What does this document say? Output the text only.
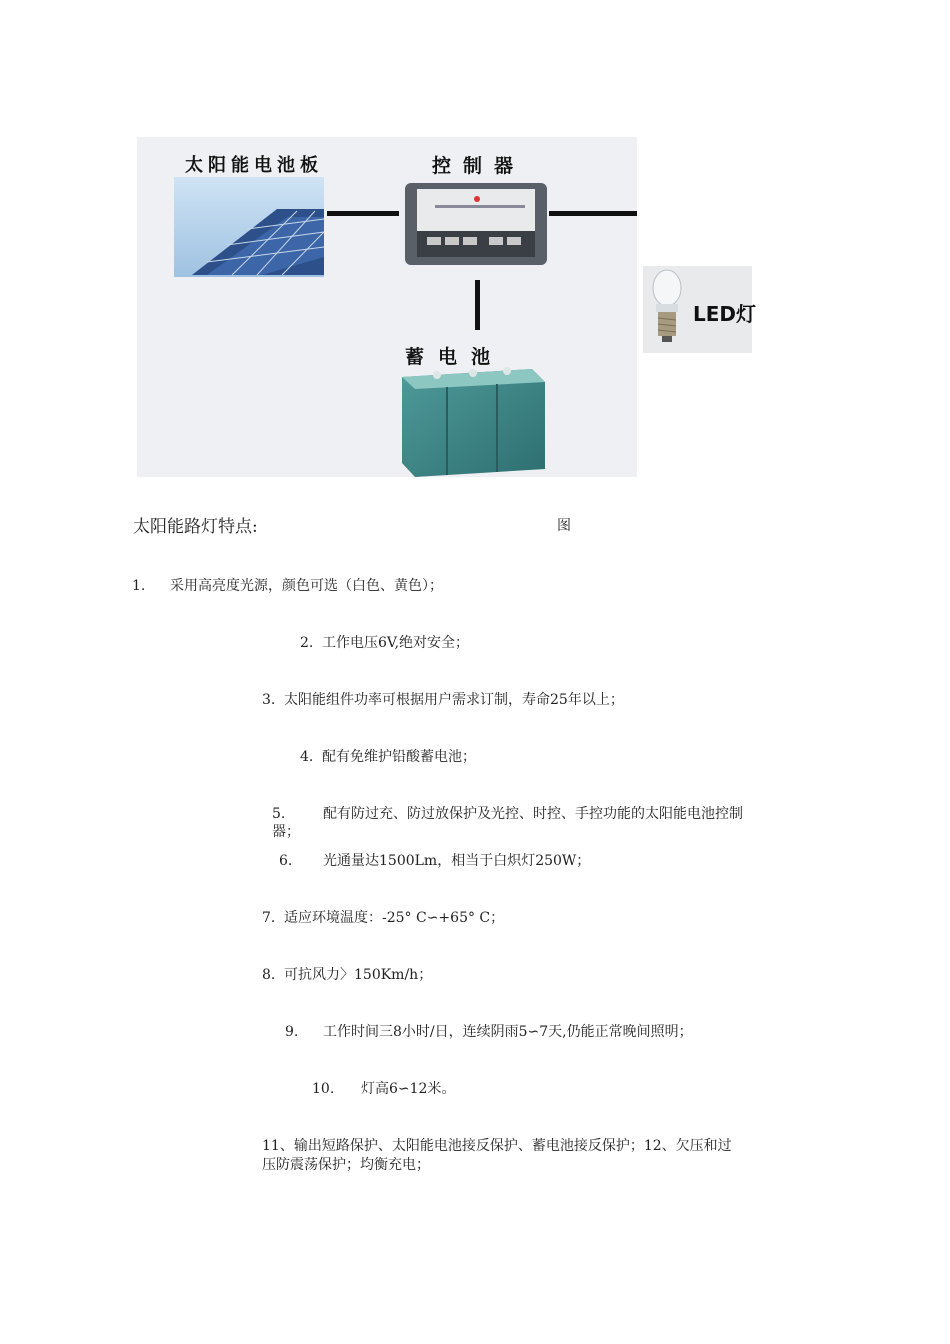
太阳能电池板	控制器
蓄电池
LED灯
太阳能路灯特点:	图
1. 采用高亮度光源，颜色可选（白色、黄色）；
2. 工作电压6V,绝对安全；
3. 太阳能组件功率可根据用户需求订制，寿命25年以上；
4. 配有免维护铅酸蓄电池；
5.	配有防过充、防过放保护及光控、时控、手控功能的太阳能电池控制
器；
6. 光通量达1500Lm，相当于白炽灯250W；
7. 适应环境温度：-25° C∽+65° C；
8. 可抗风力〉150Km/h；
9. 工作时间三8小时/日，连续阴雨5∽7天,仍能正常晚间照明；
10. 灯高6∽12米。
11、输出短路保护、太阳能电池接反保护、蓄电池接反保护；12、欠压和过
压防震荡保护；均衡充电；
